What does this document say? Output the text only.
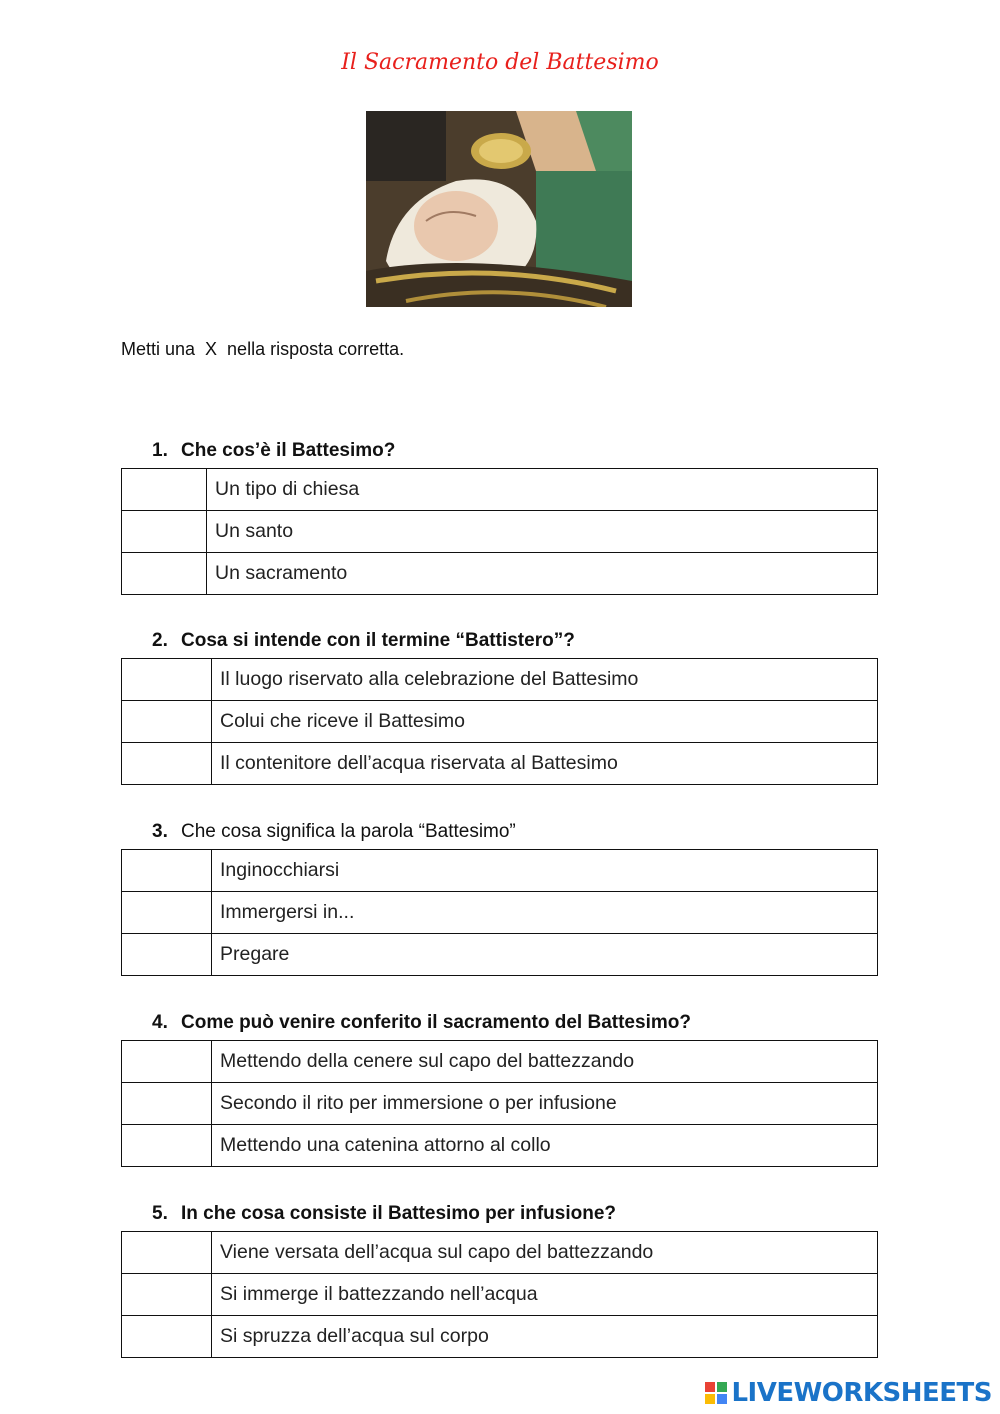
Il Sacramento del Battesimo
Metti una  X  nella risposta corretta.
1. Che cos’è il Battesimo?
	Un tipo di chiesa
	Un santo
	Un sacramento
2. Cosa si intende con il termine “Battistero”?
	Il luogo riservato alla celebrazione del Battesimo
	Colui che riceve il Battesimo
	Il contenitore dell’acqua riservata al Battesimo
3. Che cosa significa la parola “Battesimo”
	Inginocchiarsi
	Immergersi in...
	Pregare
4. Come può venire conferito il sacramento del Battesimo?
	Mettendo della cenere sul capo del battezzando
	Secondo il rito per immersione o per infusione
	Mettendo una catenina attorno al collo
5. In che cosa consiste il Battesimo per infusione?
	Viene versata dell’acqua sul capo del battezzando
	Si immerge il battezzando nell’acqua
	Si spruzza dell’acqua sul corpo
LIVEWORKSHEETS
